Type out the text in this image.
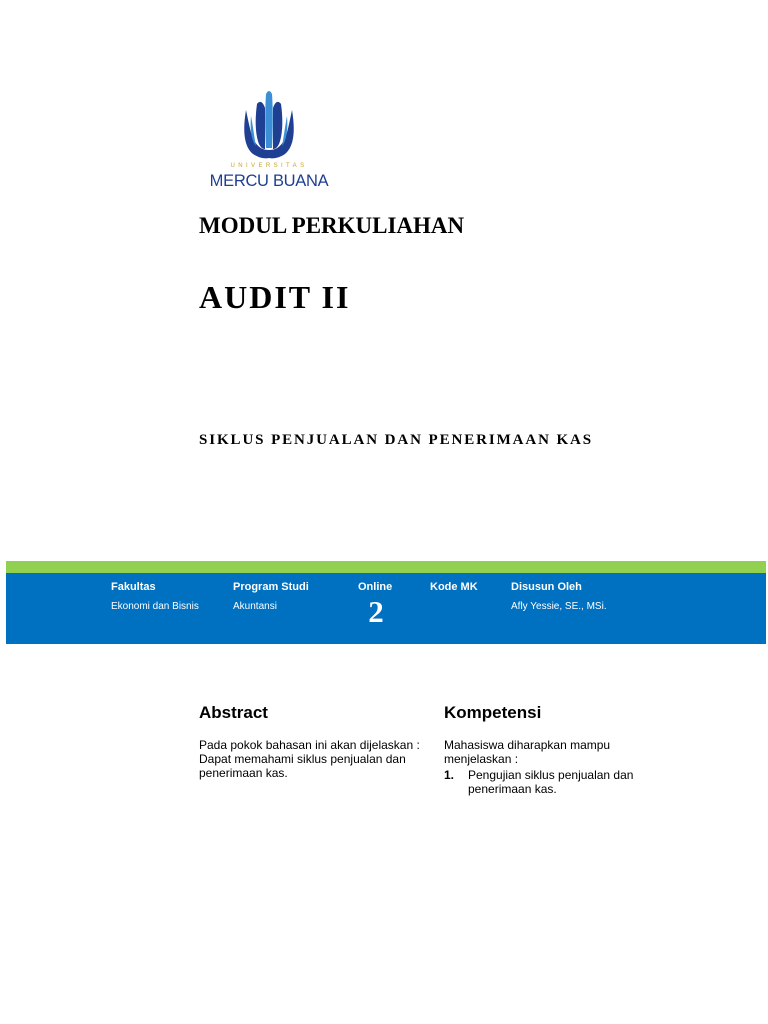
UNIVERSITAS
MERCU BUANA
MODUL PERKULIAHAN
AUDIT II
SIKLUS PENJUALAN DAN PENERIMAAN KAS
Fakultas
Ekonomi dan Bisnis
Program Studi
Akuntansi
Online
2
Kode MK	Disusun Oleh
Afly Yessie, SE., MSi.
Abstract

Pada pokok bahasan ini akan dijelaskan :

Dapat memahami siklus penjualan dan penerimaan kas.

Kompetensi

Mahasiswa diharapkan mampu menjelaskan :

1.	Pengujian siklus penjualan dan penerimaan kas.
